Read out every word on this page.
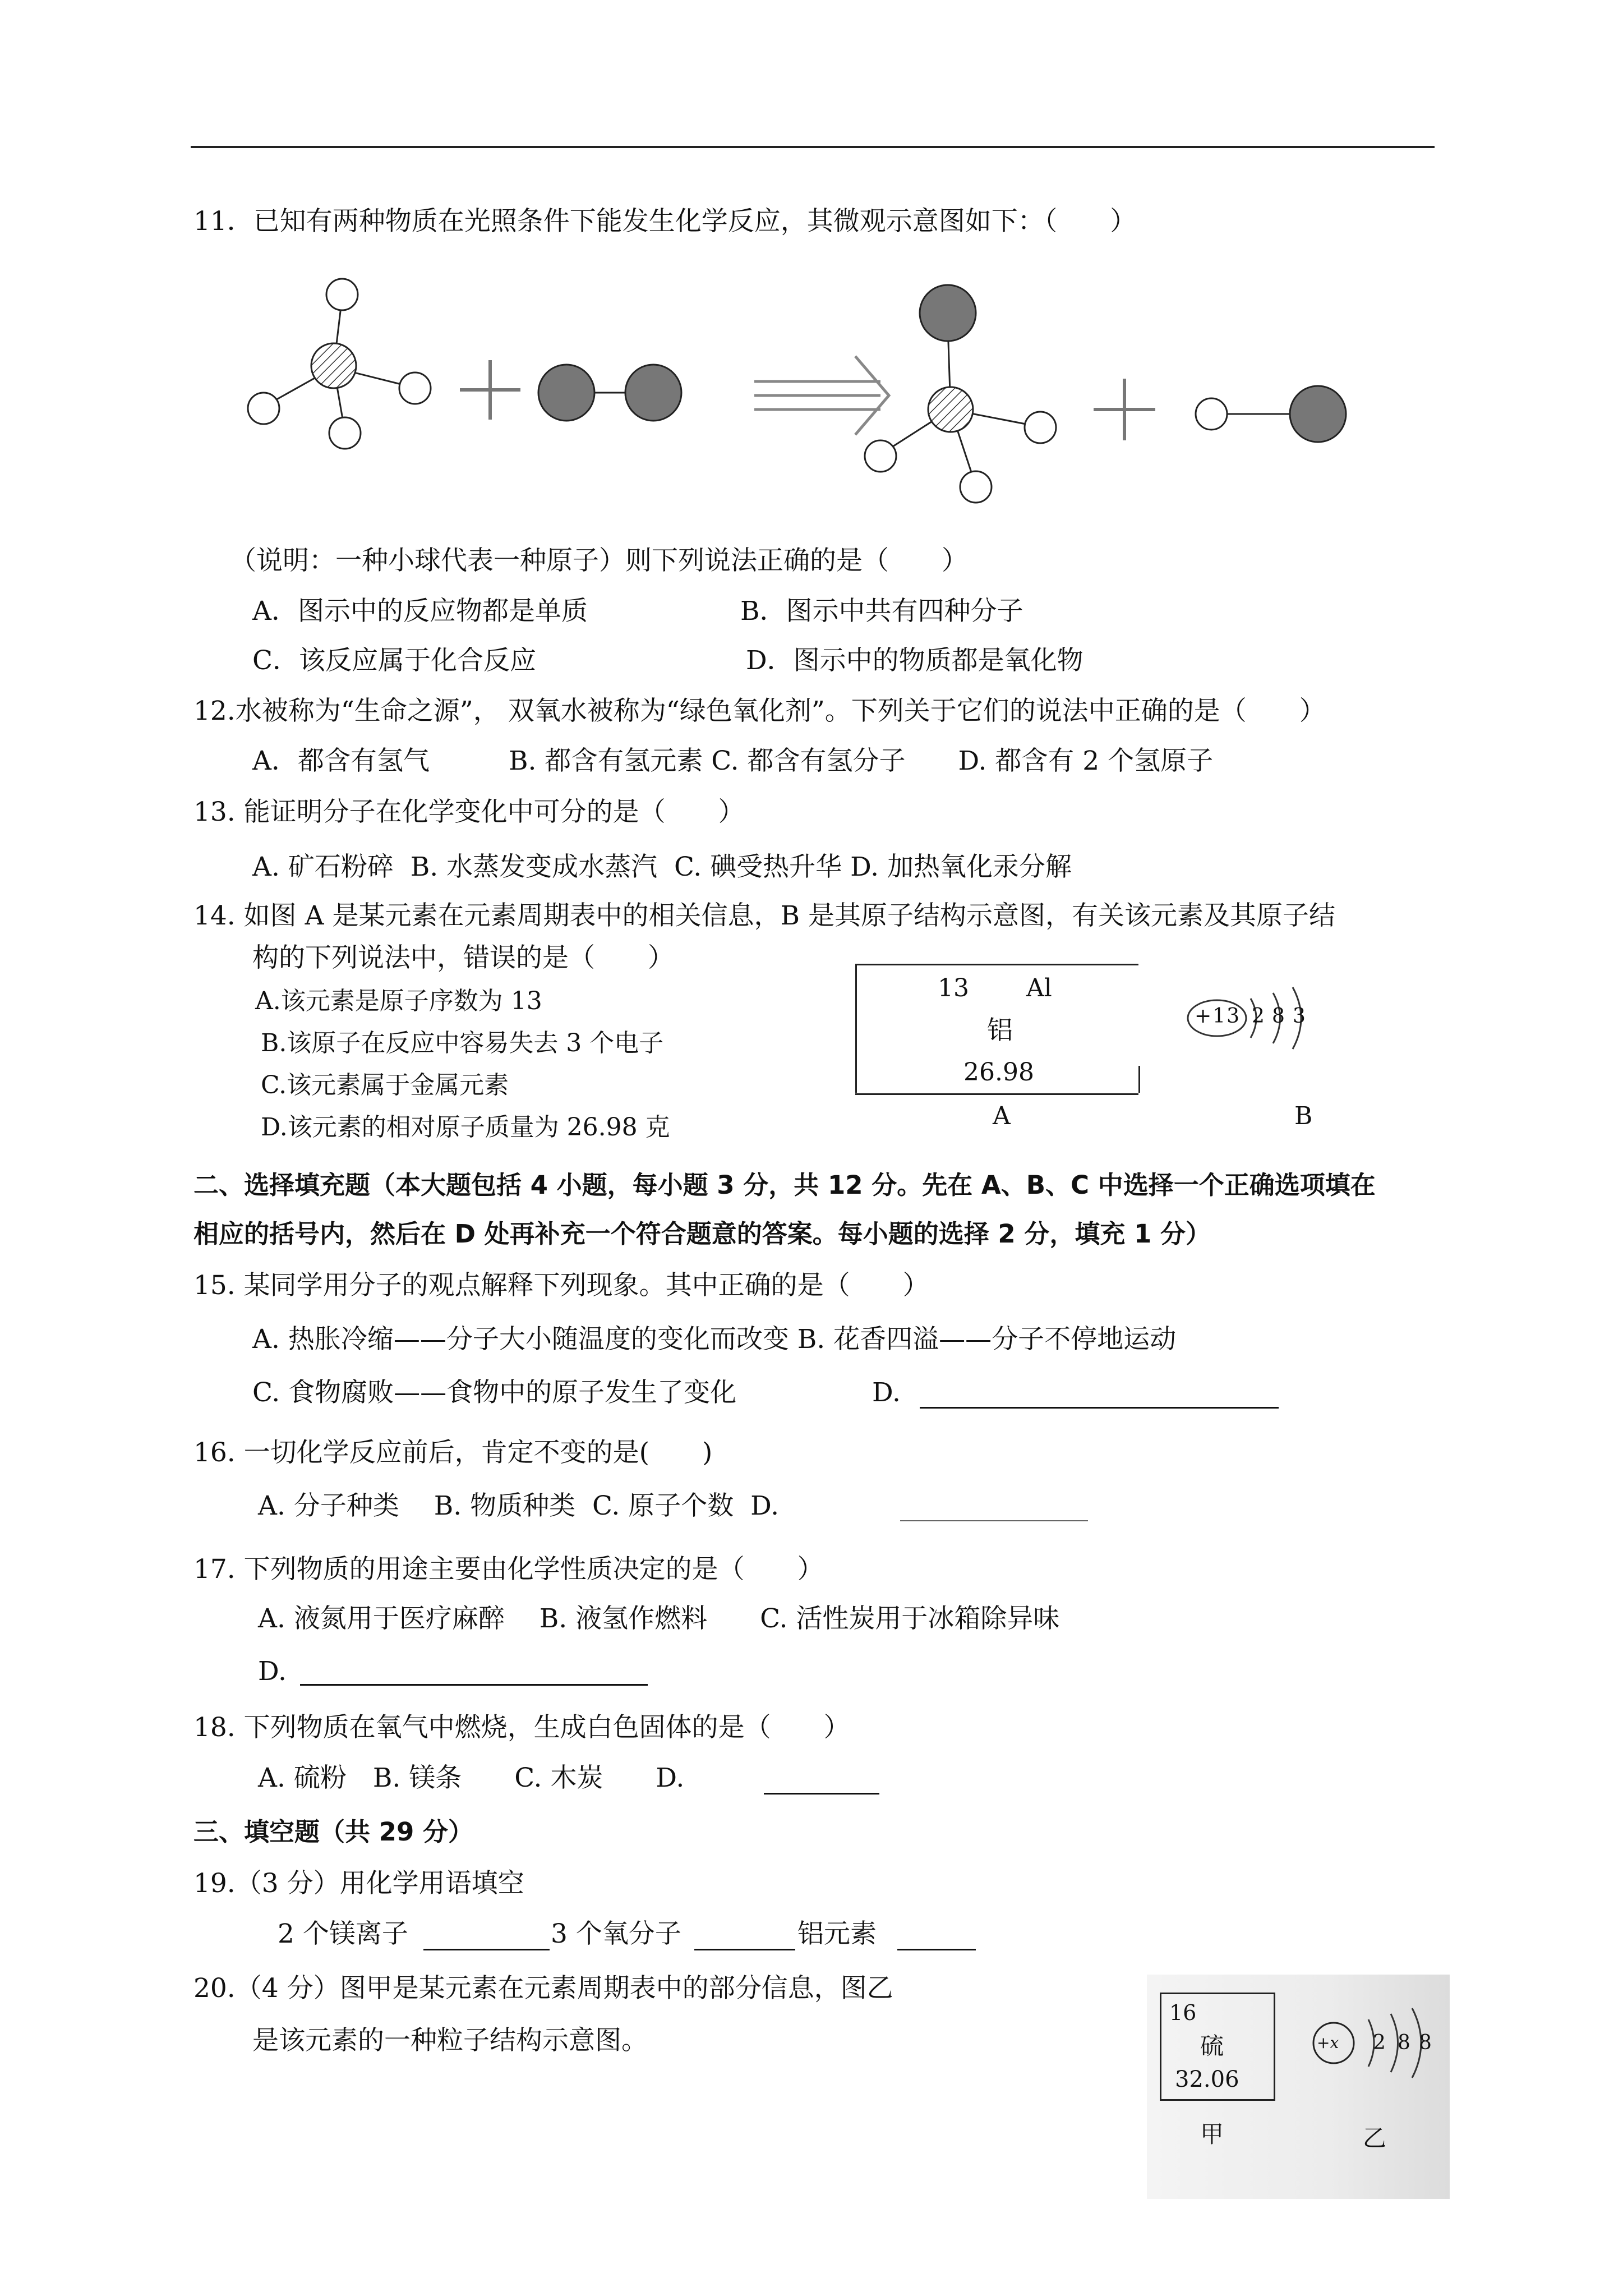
11．已知有两种物质在光照条件下能发生化学反应，其微观示意图如下：（　　）
（说明：一种小球代表一种原子）则下列说法正确的是（　　）
A．图示中的反应物都是单质	B．图示中共有四种分子
C．该反应属于化合反应	D．图示中的物质都是氧化物
12.水被称为“生命之源”， 双氧水被称为“绿色氧化剂”。下列关于它们的说法中正确的是（　　）
A．都含有氢气　　　B. 都含有氢元素 C. 都含有氢分子　　D. 都含有 2 个氢原子
13. 能证明分子在化学变化中可分的是（　　）
A. 矿石粉碎  B. 水蒸发变成水蒸汽  C. 碘受热升华 D. 加热氧化汞分解
14. 如图 A 是某元素在元素周期表中的相关信息，B 是其原子结构示意图，有关该元素及其原子结
构的下列说法中，错误的是（　　）
A.该元素是原子序数为 13
B.该原子在反应中容易失去 3 个电子
C.该元素属于金属元素
D.该元素的相对原子质量为 26.98 克
13 Al
铝
26.98
A
+13 2 8 3
B
二、选择填充题（本大题包括 4 小题，每小题 3 分，共 12 分。先在 A、B、C 中选择一个正确选项填在
相应的括号内，然后在 D 处再补充一个符合题意的答案。每小题的选择 2 分，填充 1 分）
15. 某同学用分子的观点解释下列现象。其中正确的是（　　）
A. 热胀冷缩——分子大小随温度的变化而改变 B. 花香四溢——分子不停地运动
C. 食物腐败——食物中的原子发生了变化	D.
16. 一切化学反应前后，肯定不变的是(　　)
A. 分子种类　 B. 物质种类  C. 原子个数  D.
17. 下列物质的用途主要由化学性质决定的是（　　）
A. 液氮用于医疗麻醉　 B. 液氢作燃料　　C. 活性炭用于冰箱除异味
D.
18. 下列物质在氧气中燃烧，生成白色固体的是（　　）
A. 硫粉　B. 镁条　　C. 木炭　　D.
三、填空题（共 29 分）
19.（3 分）用化学用语填空
2 个镁离子	3 个氧分子	铝元素
20.（4 分）图甲是某元素在元素周期表中的部分信息，图乙
是该元素的一种粒子结构示意图。
16
硫
32.06
甲
+x 2 8 8
乙
